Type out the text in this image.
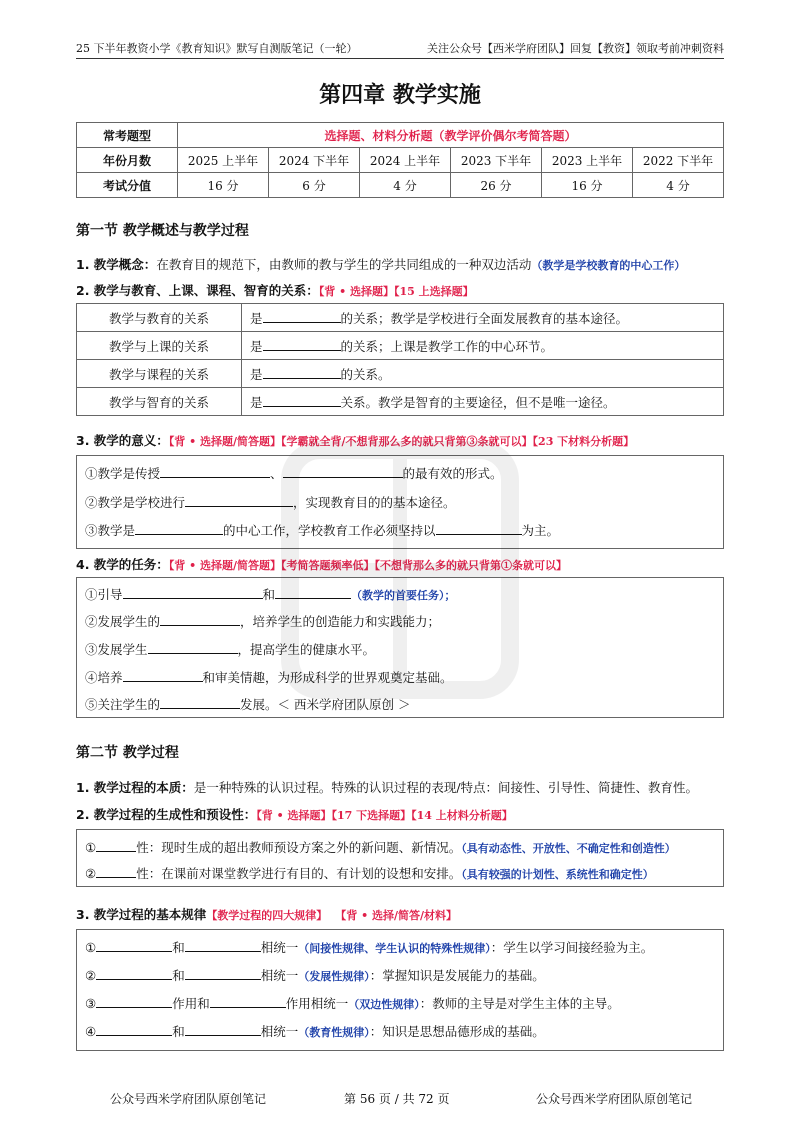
25 下半年教资小学《教育知识》默写自测版笔记（一轮）	关注公众号【西米学府团队】回复【教资】领取考前冲刺资料
第四章 教学实施
常考题型	选择题、材料分析题（教学评价偶尔考简答题）					
年份月数	2025 上半年	2024 下半年	2024 上半年	2023 下半年	2023 上半年	2022 下半年
考试分值	16 分	6 分	4 分	26 分	16 分	4 分
第一节 教学概述与教学过程
1. 教学概念：在教育目的规范下，由教师的教与学生的学共同组成的一种双边活动（教学是学校教育的中心工作）
2. 教学与教育、上课、课程、智育的关系：【背 • 选择题】【15 上选择题】
教学与教育的关系	是 的关系；教学是学校进行全面发展教育的基本途径。
教学与上课的关系	是 的关系；上课是教学工作的中心环节。
教学与课程的关系	是 的关系。
教学与智育的关系	是 关系。教学是智育的主要途径，但不是唯一途径。
3. 教学的意义：【背 • 选择题/简答题】【学霸就全背/不想背那么多的就只背第③条就可以】【23 下材料分析题】
①教学是传授	、	的最有效的形式。
②教学是学校进行	，实现教育目的的基本途径。
③教学是	的中心工作，学校教育工作必须坚持以	为主。
4. 教学的任务：【背 • 选择题/简答题】【考简答题频率低】【不想背那么多的就只背第①条就可以】
①引导	和	（教学的首要任务）；
②发展学生的	，培养学生的创造能力和实践能力；
③发展学生	，提高学生的健康水平。
④培养	和审美情趣，为形成科学的世界观奠定基础。
⑤关注学生的	发展。＜ 西米学府团队原创 ＞
第二节 教学过程
1. 教学过程的本质：是一种特殊的认识过程。特殊的认识过程的表现/特点：间接性、引导性、简捷性、教育性。
2. 教学过程的生成性和预设性：【背 • 选择题】【17 下选择题】【14 上材料分析题】
①	性：现时生成的超出教师预设方案之外的新问题、新情况。（具有动态性、开放性、不确定性和创造性）
②	性：在课前对课堂教学进行有目的、有计划的设想和安排。（具有较强的计划性、系统性和确定性）
3. 教学过程的基本规律【教学过程的四大规律】 【背 • 选择/简答/材料】
①	和	相统一（间接性规律、学生认识的特殊性规律）：学生以学习间接经验为主。
②	和	相统一（发展性规律）：掌握知识是发展能力的基础。
③	作用和	作用相统一（双边性规律）：教师的主导是对学生主体的主导。
④	和	相统一（教育性规律）：知识是思想品德形成的基础。
公众号西米学府团队原创笔记	第 56 页 / 共 72 页	公众号西米学府团队原创笔记
